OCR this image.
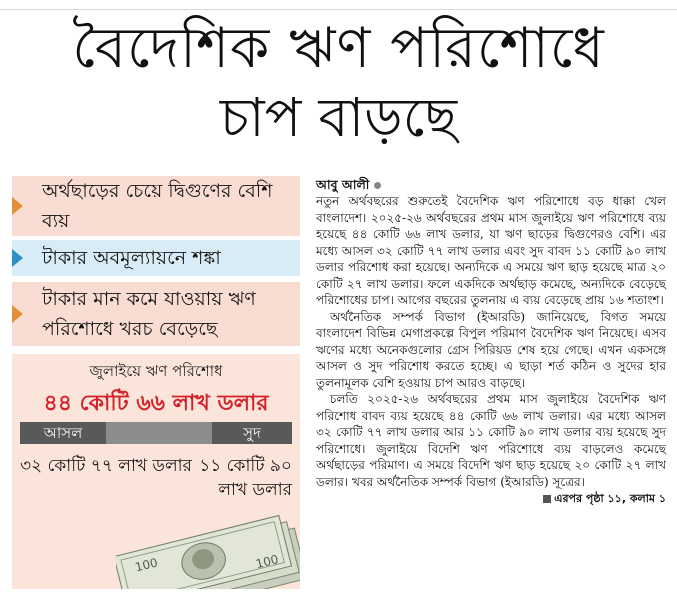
বৈদেশিক ঋণ পরিশোধে
চাপ বাড়ছে
অর্থছাড়ের চেয়ে দ্বিগুণের বেশি ব্যয়
টাকার অবমূল্যায়নে শঙ্কা
টাকার মান কমে যাওয়ায় ঋণ পরিশোধে খরচ বেড়েছে
জুলাইয়ে ঋণ পরিশোধ
৪৪ কোটি ৬৬ লাখ ডলার
আসল	সুদ
৩২ কোটি ৭৭ লাখ ডলার ১১ কোটি ৯০ লাখ ডলার
100	100
আবু আলী

নতুন অর্থবছরের শুরুতেই বৈদেশিক ঋণ পরিশোধে বড় ধাক্কা খেল বাংলাদেশ। ২০২৫-২৬ অর্থবছরের প্রথম মাস জুলাইয়ে ঋণ পরিশোধে ব্যয় হয়েছে ৪৪ কোটি ৬৬ লাখ ডলার, যা ঋণ ছাড়ের দ্বিগুণেরও বেশি। এর মধ্যে আসল ৩২ কোটি ৭৭ লাখ ডলার এবং সুদ বাবদ ১১ কোটি ৯০ লাখ ডলার পরিশোধ করা হয়েছে। অন্যদিকে এ সময়ে ঋণ ছাড় হয়েছে মাত্র ২০ কোটি ২৭ লাখ ডলার। ফলে একদিকে অর্থছাড় কমেছে, অন্যদিকে বেড়েছে পরিশোধের চাপ। আগের বছরের তুলনায় এ ব্যয় বেড়েছে প্রায় ১৬ শতাংশ।

অর্থনৈতিক সম্পর্ক বিভাগ (ইআরডি) জানিয়েছে, বিগত সময়ে বাংলাদেশ বিভিন্ন মেগাপ্রকল্পে বিপুল পরিমাণ বৈদেশিক ঋণ নিয়েছে। এসব ঋণের মধ্যে অনেকগুলোর গ্রেস পিরিয়ড শেষ হয়ে গেছে। এখন একসঙ্গে আসল ও সুদ পরিশোধ করতে হচ্ছে। এ ছাড়া শর্ত কঠিন ও সুদের হার তুলনামূলক বেশি হওয়ায় চাপ আরও বাড়ছে।

চলতি ২০২৫-২৬ অর্থবছরের প্রথম মাস জুলাইয়ে বৈদেশিক ঋণ পরিশোধ বাবদ ব্যয় হয়েছে ৪৪ কোটি ৬৬ লাখ ডলার। এর মধ্যে আসল ৩২ কোটি ৭৭ লাখ ডলার আর ১১ কোটি ৯০ লাখ ডলার ব্যয় হয়েছে সুদ পরিশোধে। জুলাইয়ে বিদেশি ঋণ পরিশোধে ব্যয় বাড়লেও কমেছে অর্থছাড়ের পরিমাণ। এ সময়ে বিদেশি ঋণ ছাড় হয়েছে ২০ কোটি ২৭ লাখ ডলার। খবর অর্থনৈতিক সম্পর্ক বিভাগ (ইআরডি) সূত্রের।

এরপর পৃষ্ঠা ১১, কলাম ১
